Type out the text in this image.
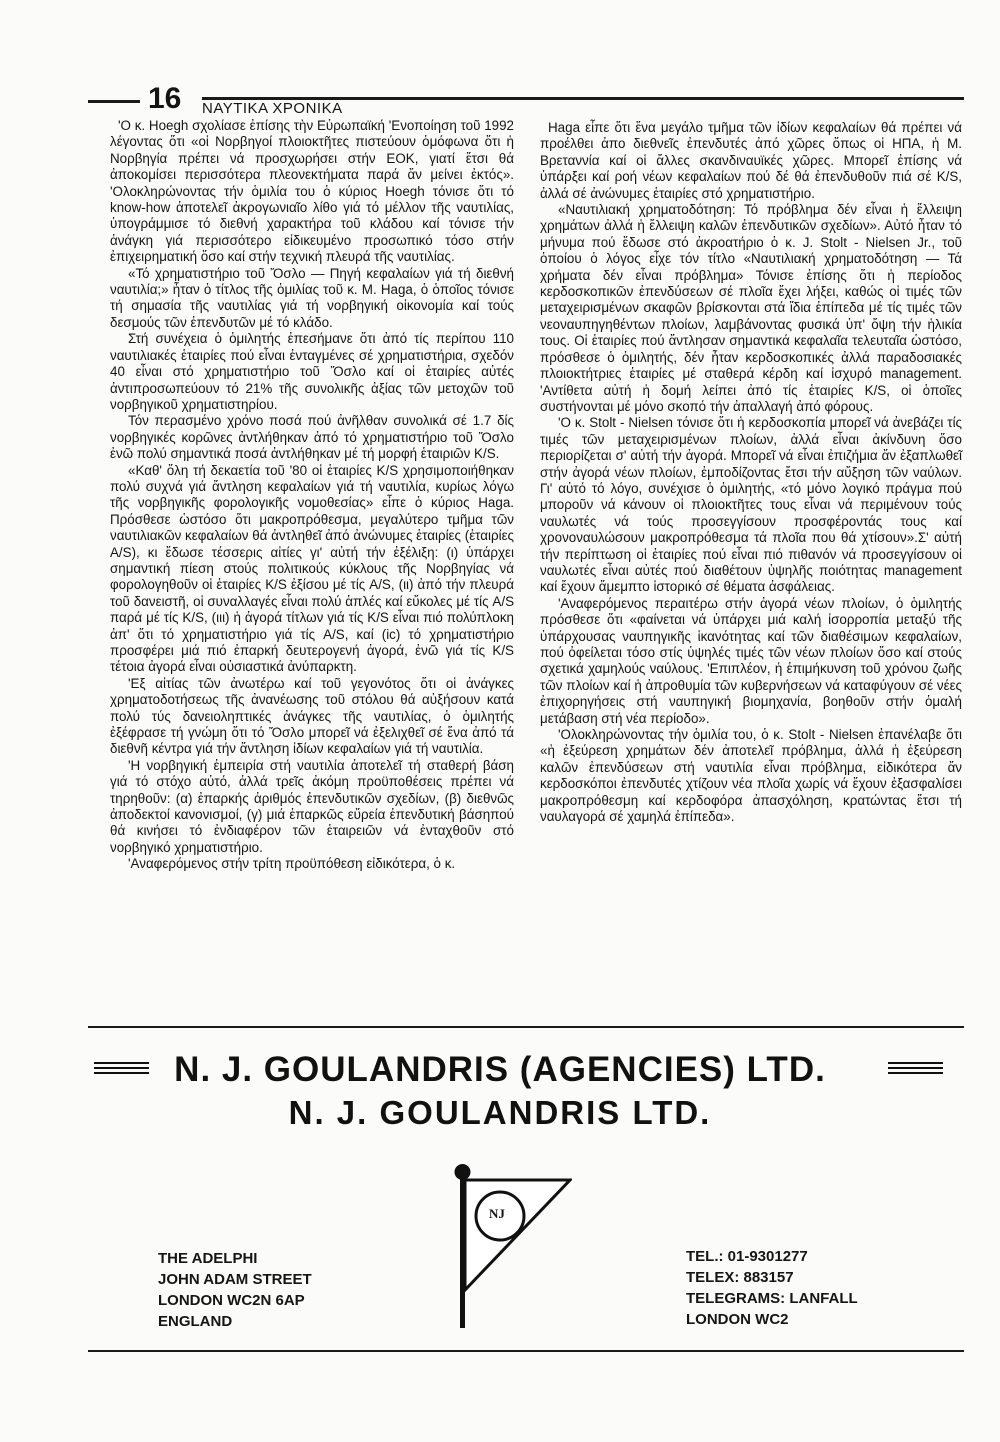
16 ΝΑΥΤΙΚΑ ΧΡΟΝΙΚΑ

'Ο κ. Hoegh σχολίασε ἐπίσης τὴν Εὐρωπαϊκή 'Ενοποίηση τοῦ 1992 λέγοντας ὅτι «οἱ Νορβηγοί πλοιοκτῆτες πιστεύουν ὁμόφωνα ὅτι ἡ Νορβηγία πρέπει νά προσχωρήσει στήν ΕΟΚ, γιατί ἔτσι θά ἀποκομίσει περισσότερα πλεονεκτήματα παρά ἄν μείνει ἐκτός». 'Ολοκληρώνοντας τήν ὁμιλία του ὁ κύριος Hoegh τόνισε ὅτι τό know-how ἀποτελεῖ ἀκρογωνιαῖο λίθο γιά τό μέλλον τῆς ναυτιλίας, ὑπογράμμισε τό διεθνή χαρακτήρα τοῦ κλάδου καί τόνισε τήν ἀνάγκη γιά περισσότερο εἰδικευμένο προσωπικό τόσο στήν ἐπιχειρηματική ὅσο καί στήν τεχνική πλευρά τῆς ναυτιλίας.

«Τό χρηματιστήριο τοῦ Ὄσλο — Πηγή κεφαλαίων γιά τή διεθνή ναυτιλία;» ἦταν ὁ τίτλος τῆς ὁμιλίας τοῦ κ. Μ. Haga, ὁ ὁποῖος τόνισε τή σημασία τῆς ναυτιλίας γιά τή νορβηγική οἰκονομία καί τούς δεσμούς τῶν ἐπενδυτῶν μέ τό κλάδο.

Στή συνέχεια ὁ ὁμιλητής ἐπεσήμανε ὅτι ἀπό τίς περίπου 110 ναυτιλιακές ἑταιρίες πού εἶναι ἐνταγμένες σέ χρηματιστήρια, σχεδόν 40 εἶναι στό χρηματιστήριο τοῦ Ὄσλο καί οἱ ἑταιρίες αὐτές ἀντιπροσωπεύουν τό 21% τῆς συνολικῆς ἀξίας τῶν μετοχῶν τοῦ νορβηγικοῦ χρηματιστηρίου.

Τόν περασμένο χρόνο ποσά πού ἀνῆλθαν συνολικά σέ 1.7 δίς νορβηγικές κορῶνες ἀντλήθηκαν ἀπό τό χρηματιστήριο τοῦ Ὄσλο ἐνῶ πολύ σημαντικά ποσά ἀντλήθηκαν μέ τή μορφή ἑταιριῶν K/S.

«Καθ' ὅλη τή δεκαετία τοῦ '80 οἱ ἑταιρίες K/S χρησιμοποιήθηκαν πολύ συχνά γιά ἄντληση κεφαλαίων γιά τή ναυτιλία, κυρίως λόγω τῆς νορβηγικῆς φορολογικῆς νομοθεσίας» εἶπε ὁ κύριος Haga. Πρόσθεσε ὡστόσο ὅτι μακροπρόθεσμα, μεγαλύτερο τμῆμα τῶν ναυτιλιακῶν κεφαλαίων θά ἀντληθεῖ ἀπό ἀνώνυμες ἑταιρίες (ἑταιρίες A/S), κι ἔδωσε τέσσερις αἰτίες γι' αὐτή τήν ἐξέλιξη: (ι) ὑπάρχει σημαντική πίεση στούς πολιτικούς κύκλους τῆς Νορβηγίας νά φορολογηθοῦν οἱ ἑταιρίες K/S ἐξίσου μέ τίς A/S, (ιι) ἀπό τήν πλευρά τοῦ δανειστῆ, οἱ συναλλαγές εἶναι πολύ ἁπλές καί εὔκολες μέ τίς A/S παρά μέ τίς K/S, (ιιι) ἡ ἀγορά τίτλων γιά τίς K/S εἶναι πιό πολύπλοκη ἀπ' ὅτι τό χρηματιστήριο γιά τίς A/S, καί (ic) τό χρηματιστήριο προσφέρει μιά πιό ἐπαρκή δευτερογενή ἀγορά, ἐνῶ γιά τίς K/S τέτοια ἀγορά εἶναι οὐσιαστικά ἀνύπαρκτη.

'Εξ αἰτίας τῶν ἀνωτέρω καί τοῦ γεγονότος ὅτι οἱ ἀνάγκες χρηματοδοτήσεως τῆς ἀνανέωσης τοῦ στόλου θά αὐξήσουν κατά πολύ τύς δανειοληπτικές ἀνάγκες τῆς ναυτιλίας, ὁ ὁμιλητής ἐξέφρασε τή γνώμη ὅτι τό Ὄσλο μπορεῖ νά ἐξελιχθεῖ σέ ἕνα ἀπό τά διεθνῆ κέντρα γιά τήν ἄντληση ἰδίων κεφαλαίων γιά τή ναυτιλία.

'Η νορβηγική ἐμπειρία στή ναυτιλία ἀποτελεῖ τή σταθερή βάση γιά τό στόχο αὐτό, ἀλλά τρεῖς ἀκόμη προϋποθέσεις πρέπει νά τηρηθοῦν: (α) ἐπαρκής ἀριθμός ἐπενδυτικῶν σχεδίων, (β) διεθνῶς ἀποδεκτοί κανονισμοί, (γ) μιά ἐπαρκῶς εὔρεία ἐπενδυτική βάσηπού θά κινήσει τό ἐνδιαφέρον τῶν ἑταιρειῶν νά ἐνταχθοῦν στό νορβηγικό χρηματιστήριο.

'Αναφερόμενος στήν τρίτη προϋπόθεση εἰδικότερα, ὁ κ.

Haga εἶπε ὅτι ἕνα μεγάλο τμῆμα τῶν ἰδίων κεφαλαίων θά πρέπει νά προέλθει ἀπο διεθνεῖς ἐπενδυτές ἀπό χῶρες ὅπως οἱ ΗΠΑ, ἡ Μ. Βρεταννία καί οἱ ἄλλες σκανδιναυϊκές χῶρες. Μπορεῖ ἐπίσης νά ὑπάρξει καί ροή νέων κεφαλαίων πού δέ θά ἐπενδυθοῦν πιά σέ K/S, ἀλλά σέ ἀνώνυμες ἑταιρίες στό χρηματιστήριο.

«Ναυτιλιακή χρηματοδότηση: Τό πρόβλημα δέν εἶναι ἡ ἔλλειψη χρημάτων ἀλλά ἡ ἔλλειψη καλῶν ἐπενδυτικῶν σχεδίων». Αὐτό ἦταν τό μήνυμα πού ἔδωσε στό ἀκροατήριο ὁ κ. J. Stolt - Nielsen Jr., τοῦ ὁποίου ὁ λόγος εἶχε τόν τίτλο «Ναυτιλιακή χρηματοδότηση — Τά χρήματα δέν εἶναι πρόβλημα» Τόνισε ἐπίσης ὅτι ἡ περίοδος κερδοσκοπικῶν ἐπενδύσεων σέ πλοῖα ἔχει λήξει, καθώς οἱ τιμές τῶν μεταχειρισμένων σκαφῶν βρίσκονται στά ἴδια ἐπίπεδα μέ τίς τιμές τῶν νεοναυπηγηθέντων πλοίων, λαμβάνοντας φυσικά ὑπ' ὄψη τήν ἡλικία τους. Οἱ ἑταιρίες πού ἄντλησαν σημαντικά κεφαλαῖα τελευταῖα ὡστόσο, πρόσθεσε ὁ ὁμιλητής, δέν ἦταν κερδοσκοπικές ἀλλά παραδοσιακές πλοιοκτήτριες ἑταιρίες μέ σταθερά κέρδη καί ἰσχυρό management. 'Αντίθετα αὐτή ἡ δομή λείπει ἀπό τίς ἑταιρίες K/S, οἱ ὁποῖες συστήνονται μέ μόνο σκοπό τήν ἀπαλλαγή ἀπό φόρους.

'Ο κ. Stolt - Nielsen τόνισε ὅτι ἡ κερδοσκοπία μπορεῖ νά ἀνεβάζει τίς τιμές τῶν μεταχειρισμένων πλοίων, ἀλλά εἶναι ἀκίνδυνη ὅσο περιορίζεται σ' αὐτή τήν ἀγορά. Μπορεῖ νά εἶναι ἐπιζήμια ἄν ἐξαπλωθεῖ στήν ἀγορά νέων πλοίων, ἐμποδίζοντας ἔτσι τήν αὔξηση τῶν ναύλων. Γι' αὐτό τό λόγο, συνέχισε ὁ ὁμιλητής, «τό μόνο λογικό πράγμα πού μποροῦν νά κάνουν οἱ πλοιοκτῆτες τους εἶναι νά περιμένουν τούς ναυλωτές νά τούς προσεγγίσουν προσφέροντάς τους καί χρονοναυλώσουν μακροπρόθεσμα τά πλοῖα που θά χτίσουν».Σ' αὐτή τήν περίπτωση οἱ ἑταιρίες πού εἶναι πιό πιθανόν νά προσεγγίσουν οἱ ναυλωτές εἶναι αὐτές πού διαθέτουν ὑψηλῆς ποιότητας management καί ἔχουν ἄμεμπτο ἱστορικό σέ θέματα ἀσφάλειας.

'Αναφερόμενος περαιτέρω στήν ἀγορά νέων πλοίων, ὁ ὁμιλητής πρόσθεσε ὅτι «φαίνεται νά ὑπάρχει μιά καλή ἰσορροπία μεταξύ τῆς ὑπάρχουσας ναυπηγικῆς ἱκανότητας καί τῶν διαθέσιμων κεφαλαίων, πού ὀφείλεται τόσο στίς ὑψηλές τιμές τῶν νέων πλοίων ὅσο καί στούς σχετικά χαμηλούς ναύλους. 'Επιπλέον, ἡ ἐπιμήκυνση τοῦ χρόνου ζωῆς τῶν πλοίων καί ἡ ἀπροθυμία τῶν κυβερνήσεων νά καταφύγουν σέ νέες ἐπιχορηγήσεις στή ναυπηγική βιομηχανία, βοηθοῦν στήν ὁμαλή μετάβαση στή νέα περίοδο».

'Ολοκληρώνοντας τήν ὁμιλία του, ὁ κ. Stolt - Nielsen ἐπανέλαβε ὅτι «ἡ ἐξεύρεση χρημάτων δέν ἀποτελεῖ πρόβλημα, ἀλλά ἡ ἐξεύρεση καλῶν ἐπενδύσεων στή ναυτιλία εἶναι πρόβλημα, εἰδικότερα ἄν κερδοσκόποι ἐπενδυτές χτίζουν νέα πλοῖα χωρίς νά ἔχουν ἐξασφαλίσει μακροπρόθεσμη καί κερδοφόρα ἀπασχόληση, κρατώντας ἔτσι τή ναυλαγορά σέ χαμηλά ἐπίπεδα».

N. J. GOULANDRIS (AGENCIES) LTD.
N. J. GOULANDRIS LTD.
NJ
THE ADELPHI
JOHN ADAM STREET
LONDON WC2N 6AP
ENGLAND
TEL.: 01-9301277
TELEX: 883157
TELEGRAMS: LANFALL
LONDON WC2
